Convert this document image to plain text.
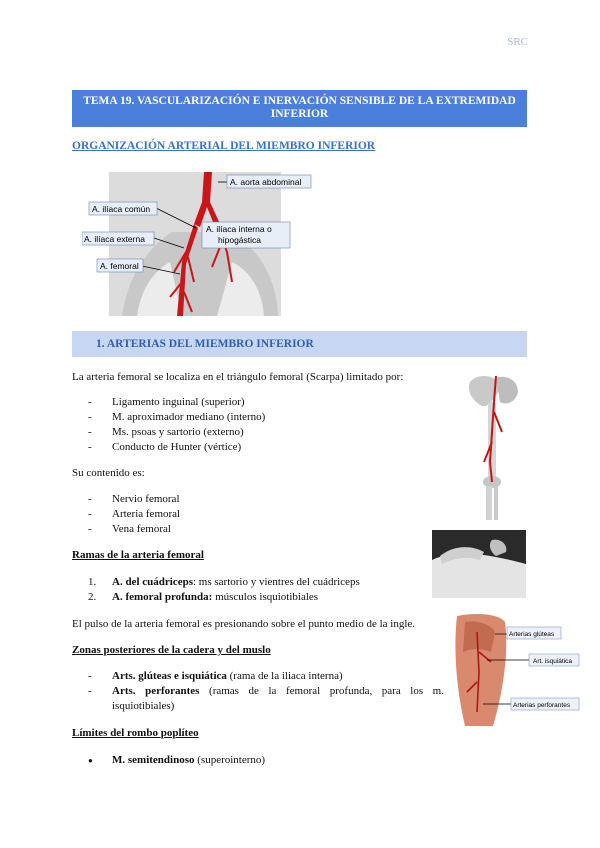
SRC
TEMA 19. VASCULARIZACIÓN E INERVACIÓN SENSIBLE DE LA EXTREMIDAD INFERIOR
ORGANIZACIÓN ARTERIAL DEL MIEMBRO INFERIOR
A. aorta abdominal
A. ilíaca común
A. ilíaca externa
A. ilíaca interna o
hipogástica
A. femoral
1. ARTERIAS DEL MIEMBRO INFERIOR
La arteria femoral se localiza en el triángulo femoral (Scarpa) limitado por:
- Ligamento inguinal (superior)
- M. aproximador mediano (interno)
- Ms. psoas y sartorio (externo)
- Conducto de Hunter (vértice)
Su contenido es:
- Nervio femoral
- Arteria femoral
- Vena femoral
Ramas de la arteria femoral
1. A. del cuádriceps: ms sartorio y vientres del cuádriceps
2. A. femoral profunda: músculos isquiotibiales
El pulso de la arteria femoral es presionando sobre el punto medio de la ingle.
Zonas posteriores de la cadera y del muslo
- Arts. glúteas e isquiática (rama de la iliaca interna)
- Arts. perforantes (ramas de la femoral profunda, para los m. isquiotibiales)
Límites del rombo poplíteo
● M. semitendinoso (superointerno)
Arterias glúteas
Art. isquiática
Arterias perforantes
